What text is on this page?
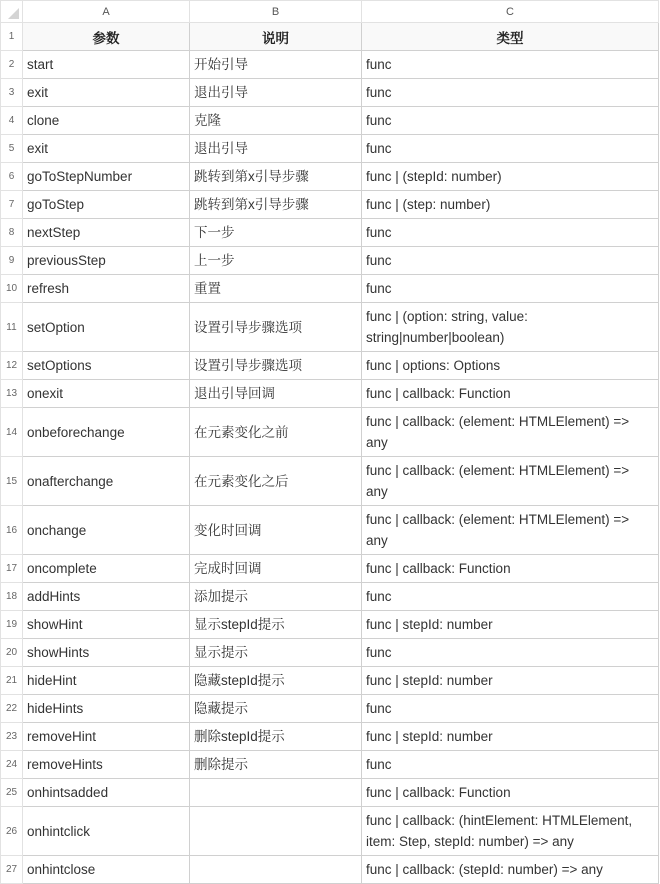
	A	B	C
1	参数	说明	类型
2	start	开始引导	func
3	exit	退出引导	func
4	clone	克隆	func
5	exit	退出引导	func
6	goToStepNumber	跳转到第x引导步骤	func | (stepId: number)
7	goToStep	跳转到第x引导步骤	func | (step: number)
8	nextStep	下一步	func
9	previousStep	上一步	func
10	refresh	重置	func
11	setOption	设置引导步骤选项	func | (option: string, value: string|number|boolean)
12	setOptions	设置引导步骤选项	func | options: Options
13	onexit	退出引导回调	func | callback: Function
14	onbeforechange	在元素变化之前	func | callback: (element: HTMLElement) => any
15	onafterchange	在元素变化之后	func | callback: (element: HTMLElement) => any
16	onchange	变化时回调	func | callback: (element: HTMLElement) => any
17	oncomplete	完成时回调	func | callback: Function
18	addHints	添加提示	func
19	showHint	显示stepId提示	func | stepId: number
20	showHints	显示提示	func
21	hideHint	隐藏stepId提示	func | stepId: number
22	hideHints	隐藏提示	func
23	removeHint	删除stepId提示	func | stepId: number
24	removeHints	删除提示	func
25	onhintsadded		func | callback: Function
26	onhintclick		func | callback: (hintElement: HTMLElement, item: Step, stepId: number) => any
27	onhintclose		func | callback: (stepId: number) => any
